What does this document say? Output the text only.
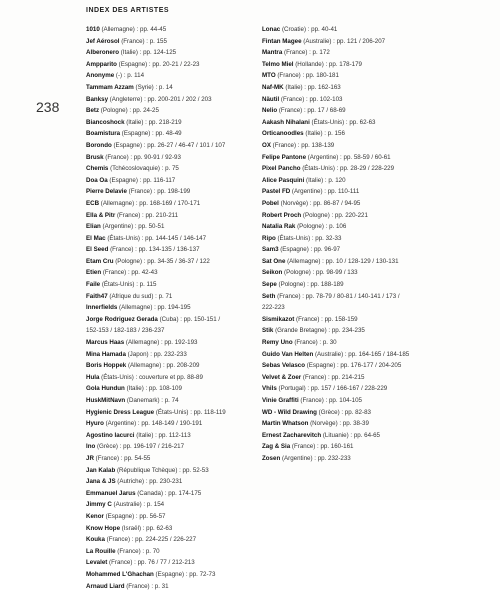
INDEX DES ARTISTES
238
1010 (Allemagne) : pp. 44-45
Jef Aérosol (France) : p. 155
Alberonero (Italie) : pp. 124-125
Ampparito (Espagne) : pp. 20-21 / 22-23
Anonyme (-) : p. 114
Tammam Azzam (Syrie) : p. 14
Banksy (Angleterre) : pp. 200-201 / 202 / 203
Betz (Pologne) : pp. 24-25
Biancoshock (Italie) : pp. 218-219
Boamistura (Espagne) : pp. 48-49
Borondo (Espagne) : pp. 26-27 / 46-47 / 101 / 107
Brusk (France) : pp. 90-91 / 92-93
Chemis (Tchécoslovaquie) : p. 75
Doa Oa (Espagne) : pp. 116-117
Pierre Delavie (France) : pp. 198-199
ECB (Allemagne) : pp. 168-169 / 170-171
Ella & Pitr (France) : pp. 210-211
Elian (Argentine) : pp. 50-51
El Mac (États-Unis) : pp. 144-145 / 146-147
El Seed (France) : pp. 134-135 / 136-137
Etam Cru (Pologne) : pp. 34-35 / 36-37 / 122
Etien (France) : pp. 42-43
Faile (États-Unis) : p. 115
Faith47 (Afrique du sud) : p. 71
Innerfields (Allemagne) : pp. 194-195
Jorge Rodriguez Gerada (Cuba) : pp. 150-151 /
152-153 / 182-183 / 236-237
Marcus Haas (Allemagne) : pp. 192-193
Mina Hamada (Japon) : pp. 232-233
Boris Hoppek (Allemagne) : pp. 208-209
Hula (États-Unis) : couverture et pp. 88-89
Gola Hundun (Italie) : pp. 108-109
HuskMitNavn (Danemark) : p. 74
Hygienic Dress League (États-Unis) : pp. 118-119
Hyuro (Argentine) : pp. 148-149 / 190-191
Agostino Iacurci (Italie) : pp. 112-113
Ino (Grèce) : pp. 196-197 / 216-217
JR (France) : pp. 54-55
Jan Kalab (République Tchèque) : pp. 52-53
Jana & JS (Autriche) : pp. 230-231
Emmanuel Jarus (Canada) : pp. 174-175
Jimmy C (Australie) : p. 154
Kenor (Espagne) : pp. 56-57
Know Hope (Israël) : pp. 62-63
Kouka (France) : pp. 224-225 / 226-227
La Rouille (France) : p. 70
Levalet (France) : pp. 76 / 77 / 212-213
Mohammed L'Ghachan (Espagne) : pp. 72-73
Arnaud Liard (France) : p. 31
Lonac (Croatie) : pp. 40-41
Fintan Magee (Australie) : pp. 121 / 206-207
Mantra (France) : p. 172
Telmo Miel (Hollande) : pp. 178-179
MTO (France) : pp. 180-181
Naf-MK (Italie) : pp. 162-163
Näutil (France) : pp. 102-103
Nelio (France) : pp. 17 / 68-69
Aakash Nihalani (États-Unis) : pp. 62-63
Orticanoodles (Italie) : p. 156
OX (France) : pp. 138-139
Felipe Pantone (Argentine) : pp. 58-59 / 60-61
Pixel Pancho (États-Unis) : pp. 28-29 / 228-229
Alice Pasquini (Italie) : p. 120
Pastel FD (Argentine) : pp. 110-111
Pobel (Norvège) : pp. 86-87 / 94-95
Robert Proch (Pologne) : pp. 220-221
Natalia Rak (Pologne) : p. 106
Ripo (États-Unis) : pp. 32-33
Sam3 (Espagne) : pp. 96-97
Sat One (Allemagne) : pp. 10 / 128-129 / 130-131
Seikon (Pologne) : pp. 98-99 / 133
Sepe (Pologne) : pp. 188-189
Seth (France) : pp. 78-79 / 80-81 / 140-141 / 173 /
222-223
Sismikazot (France) : pp. 158-159
Stik (Grande Bretagne) : pp. 234-235
Remy Uno (France) : p. 30
Guido Van Helten (Australie) : pp. 164-165 / 184-185
Sebas Velasco (Espagne) : pp. 176-177 / 204-205
Velvet & Zoer (France) : pp. 214-215
Vhils (Portugal) : pp. 157 / 166-167 / 228-229
Vinie Graffiti (France) : pp. 104-105
WD - Wild Drawing (Grèce) : pp. 82-83
Martin Whatson (Norvège) : pp. 38-39
Ernest Zacharevitch (Lituanie) : pp. 64-65
Zag & Sia (France) : pp. 160-161
Zosen (Argentine) : pp. 232-233
